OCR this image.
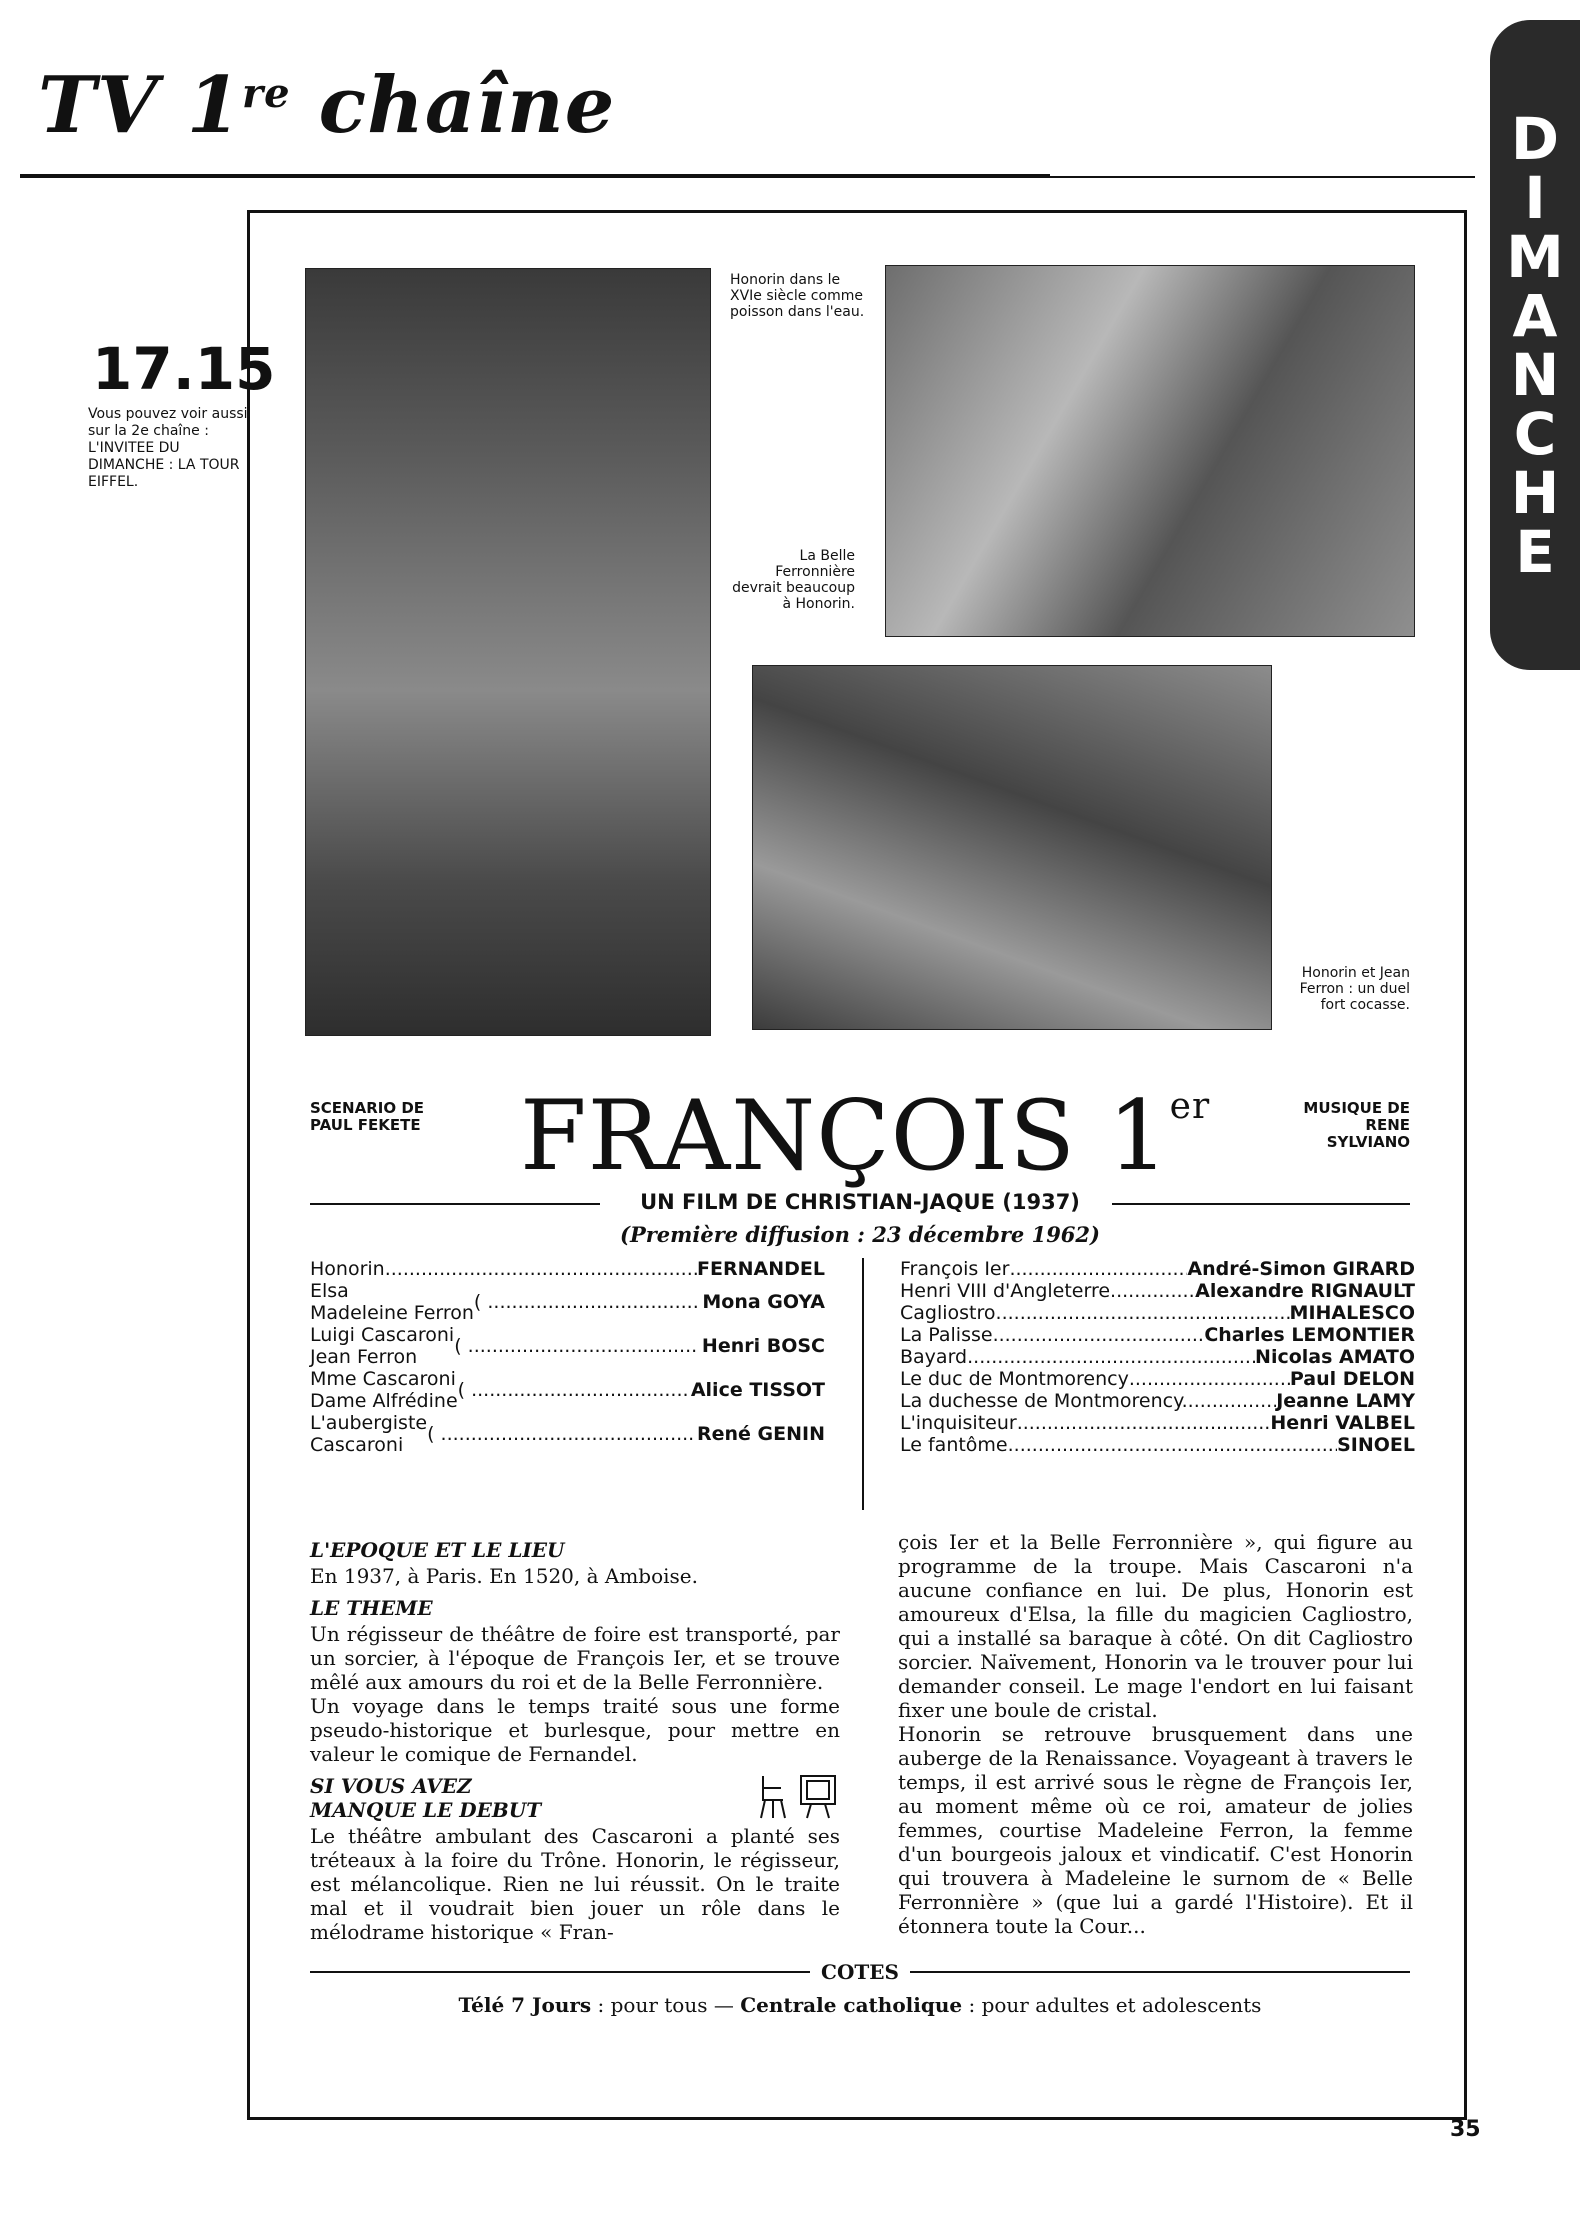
TV 1re chaîne	D
I
M
A
N
C
H
E
17.15
Vous pouvez voir aussi sur la 2e chaîne : L'INVITEE DU DIMANCHE : LA TOUR EIFFEL.
Honorin dans le XVIe siècle comme poisson dans l'eau.
La Belle Ferronnière devrait beaucoup à Honorin.
Honorin et Jean Ferron : un duel fort cocasse.
SCENARIO DE PAUL FEKETE
MUSIQUE DE RENE SYLVIANO
FRANÇOIS 1er
UN FILM DE CHRISTIAN-JAQUE (1937)
(Première diffusion : 23 décembre 1962)
Honorin .....	FERNANDEL
Elsa
Madeleine Ferron ( ...................................................	Mona GOYA
Luigi Cascaroni
Jean Ferron ( ...................................................	Henri BOSC
Mme Cascaroni
Dame Alfrédine ( ...................................................	Alice TISSOT
L'aubergiste
Cascaroni ( ...................................................	René GENIN
François Ier .....	André-Simon GIRARD
Henri VIII d'Angleterre. .....	Alexandre RIGNAULT
Cagliostro .....	MIHALESCO
La Palisse .....	Charles LEMONTIER
Bayard .....	Nicolas AMATO
Le duc de Montmorency .....	Paul DELON
La duchesse de Montmorency. .....	Jeanne LAMY
L'inquisiteur .....	Henri VALBEL
Le fantôme .....	SINOEL
L'EPOQUE ET LE LIEU

En 1937, à Paris. En 1520, à Amboise.

LE THEME

Un régisseur de théâtre de foire est transporté, par un sorcier, à l'époque de François Ier, et se trouve mêlé aux amours du roi et de la Belle Ferronnière.

Un voyage dans le temps traité sous une forme pseudo-historique et burlesque, pour mettre en valeur le comique de Fernandel.

SI VOUS AVEZ
MANQUE LE DEBUT

Le théâtre ambulant des Cascaroni a planté ses tréteaux à la foire du Trône. Honorin, le régisseur, est mélancolique. Rien ne lui réussit. On le traite mal et il voudrait bien jouer un rôle dans le mélodrame historique « Fran-

çois Ier et la Belle Ferronnière », qui figure au programme de la troupe. Mais Cascaroni n'a aucune confiance en lui. De plus, Honorin est amoureux d'Elsa, la fille du magicien Cagliostro, qui a installé sa baraque à côté. On dit Cagliostro sorcier. Naïvement, Honorin va le trouver pour lui demander conseil. Le mage l'endort en lui faisant fixer une boule de cristal.

Honorin se retrouve brusquement dans une auberge de la Renaissance. Voyageant à travers le temps, il est arrivé sous le règne de François Ier, au moment même où ce roi, amateur de jolies femmes, courtise Madeleine Ferron, la femme d'un bourgeois jaloux et vindicatif. C'est Honorin qui trouvera à Madeleine le surnom de « Belle Ferronnière » (que lui a gardé l'Histoire). Et il étonnera toute la Cour...

COTES
Télé 7 Jours : pour tous — Centrale catholique : pour adultes et adolescents
35
